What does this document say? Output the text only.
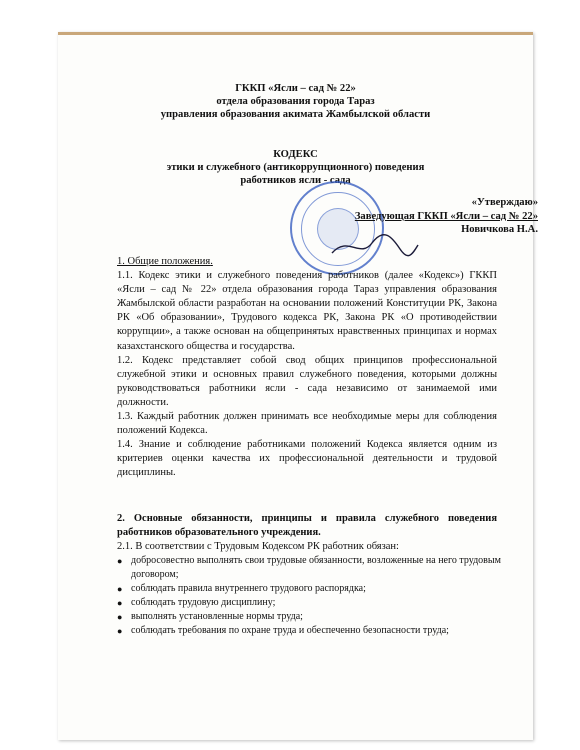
ГККП «Ясли – сад № 22»
отдела образования города Тараз
управления образования акимата Жамбылской области
КОДЕКС
этики и служебного (антикоррупционного) поведения
работников ясли - сада
«Утверждаю»
Заведующая ГККП «Ясли – сад № 22»
Новичкова Н.А.
1. Общие положения.
1.1. Кодекс этики и служебного поведения работников (далее «Кодекс») ГККП «Ясли – сад № 22» отдела образования города Тараз управления образования Жамбылской области разработан на основании положений Конституции РК, Закона РК «Об образовании», Трудового кодекса РК, Закона РК «О противодействии коррупции», а также основан на общепринятых нравственных принципах и нормах казахстанского общества и государства.
1.2. Кодекс представляет собой свод общих принципов профессиональной служебной этики и основных правил служебного поведения, которыми должны руководствоваться работники ясли - сада независимо от занимаемой ими должности.
1.3. Каждый работник должен принимать все необходимые меры для соблюдения положений Кодекса.
1.4. Знание и соблюдение работниками положений Кодекса является одним из критериев оценки качества их профессиональной деятельности и трудовой дисциплины.
2. Основные обязанности, принципы и правила служебного поведения работников образовательного учреждения.
2.1. В соответствии с Трудовым Кодексом РК работник обязан:
● добросовестно выполнять свои трудовые обязанности, возложенные на него трудовым договором;
● соблюдать правила внутреннего трудового распорядка;
● соблюдать трудовую дисциплину;
● выполнять установленные нормы труда;
● соблюдать требования по охране труда и обеспеченно безопасности труда;
